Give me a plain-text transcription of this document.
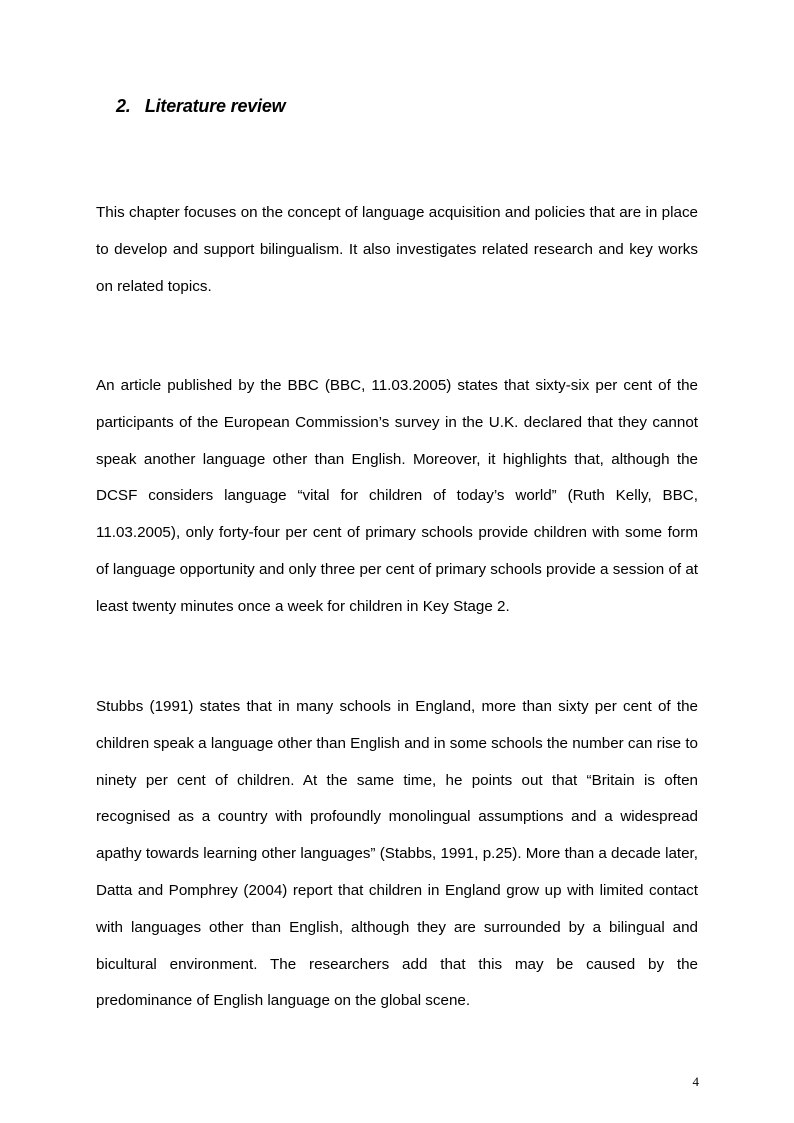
2. Literature review

This chapter focuses on the concept of language acquisition and policies that are in place to develop and support bilingualism. It also investigates related research and key works on related topics.

An article published by the BBC (BBC, 11.03.2005) states that sixty-six per cent of the participants of the European Commission’s survey in the U.K. declared that they cannot speak another language other than English. Moreover, it highlights that, although the DCSF considers language “vital for children of today’s world” (Ruth Kelly, BBC, 11.03.2005), only forty-four per cent of primary schools provide children with some form of language opportunity and only three per cent of primary schools provide a session of at least twenty minutes once a week for children in Key Stage 2.

Stubbs (1991) states that in many schools in England, more than sixty per cent of the children speak a language other than English and in some schools the number can rise to ninety per cent of children. At the same time, he points out that “Britain is often recognised as a country with profoundly monolingual assumptions and a widespread apathy towards learning other languages” (Stabbs, 1991, p.25). More than a decade later, Datta and Pomphrey (2004) report that children in England grow up with limited contact with languages other than English, although they are surrounded by a bilingual and bicultural environment. The researchers add that this may be caused by the predominance of English language on the global scene.

4
